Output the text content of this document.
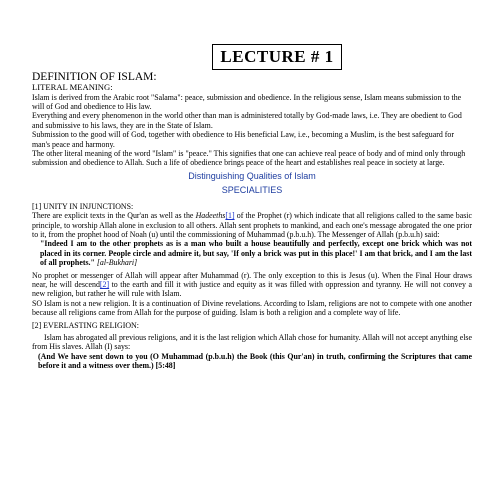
LECTURE # 1
DEFINITION OF ISLAM:
LITERAL MEANING:

Islam is derived from the Arabic root "Salama": peace, submission and obedience. In the religious sense, Islam means submission to the will of God and obedience to His law.

Everything and every phenomenon in the world other than man is administered totally by God-made laws, i.e. They are obedient to God and submissive to his laws, they are in the State of Islam.

Submission to the good will of God, together with obedience to His beneficial Law, i.e., becoming a Muslim, is the best safeguard for man's peace and harmony.

The other literal meaning of the word "Islam" is "peace." This signifies that one can achieve real peace of body and of mind only through submission and obedience to Allah. Such a life of obedience brings peace of the heart and establishes real peace in society at large.

Distinguishing Qualities of Islam
SPECIALITIES

[1] UNITY IN INJUNCTIONS:

There are explicit texts in the Qur'an as well as the Hadeeths[1] of the Prophet (r) which indicate that all religions called to the same basic principle, to worship Allah alone in exclusion to all others. Allah sent prophets to mankind, and each one's message abrogated the one prior to it, from the prophet hood of Noah (u) until the commissioning of Muhammad (p.b.u.h). The Messenger of Allah (p.b.u.h) said:

"Indeed I am to the other prophets as is a man who built a house beautifully and perfectly, except one brick which was not placed in its corner. People circle and admire it, but say, 'If only a brick was put in this place!' I am that brick, and I am the last of all prophets." [al-Bukhari]

No prophet or messenger of Allah will appear after Muhammad (r). The only exception to this is Jesus (u). When the Final Hour draws near, he will descend[2] to the earth and fill it with justice and equity as it was filled with oppression and tyranny. He will not convey a new religion, but rather he will rule with Islam.

SO Islam is not a new religion. It is a continuation of Divine revelations. According to Islam, religions are not to compete with one another because all religions came from Allah for the purpose of guiding. Islam is both a religion and a complete way of life.

[2] EVERLASTING RELIGION:

Islam has abrogated all previous religions, and it is the last religion which Allah chose for humanity. Allah will not accept anything else from His slaves. Allah (I) says:

(And We have sent down to you (O Muhammad (p.b.u.h) the Book (this Qur'an) in truth, confirming the Scriptures that came before it and a witness over them.) [5:48]
